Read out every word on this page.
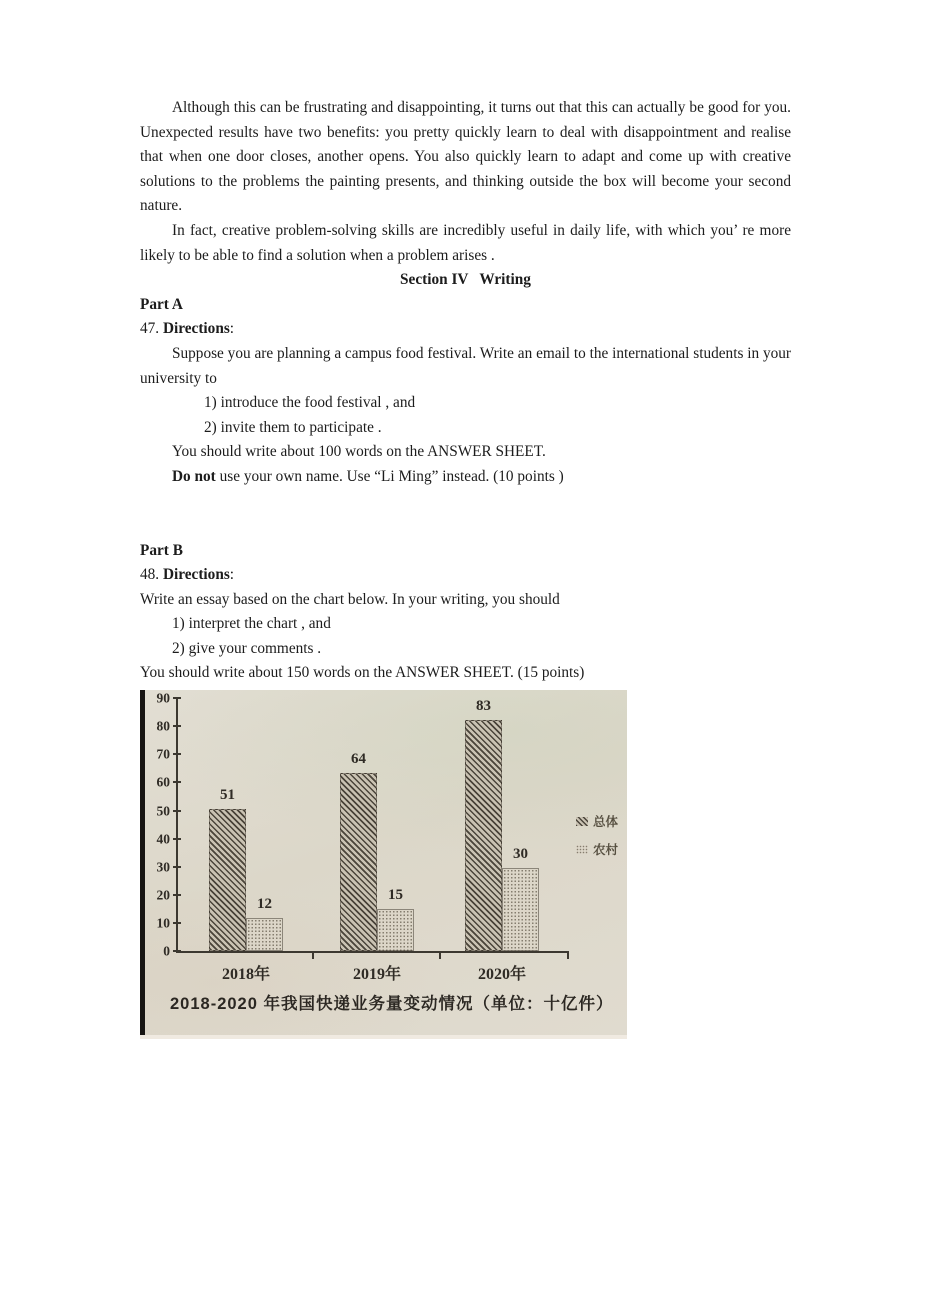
Although this can be frustrating and disappointing, it turns out that this can actually be good for you. Unexpected results have two benefits: you pretty quickly learn to deal with disappointment and realise that when one door closes, another opens. You also quickly learn to adapt and come up with creative solutions to the problems the painting presents, and thinking outside the box will become your second nature.

In fact, creative problem-solving skills are incredibly useful in daily life, with which you’ re more likely to be able to find a solution when a problem arises .

Section IV   Writing

Part A

47. Directions:

Suppose you are planning a campus food festival. Write an email to the international students in your university to

1) introduce the food festival , and

2) invite them to participate .

You should write about 100 words on the ANSWER SHEET.

Do not use your own name. Use “Li Ming” instead. (10 points )

Part B

48. Directions:

Write an essay based on the chart below. In your writing, you should

1) interpret the chart , and

2) give your comments .

You should write about 150 words on the ANSWER SHEET. (15 points)

0
10
20
30
40
50
60
70
80
90
51
12
2018年
64
15
2019年
83
30
2020年
总体
农村
2018-2020 年我国快递业务量变动情况（单位：十亿件）
